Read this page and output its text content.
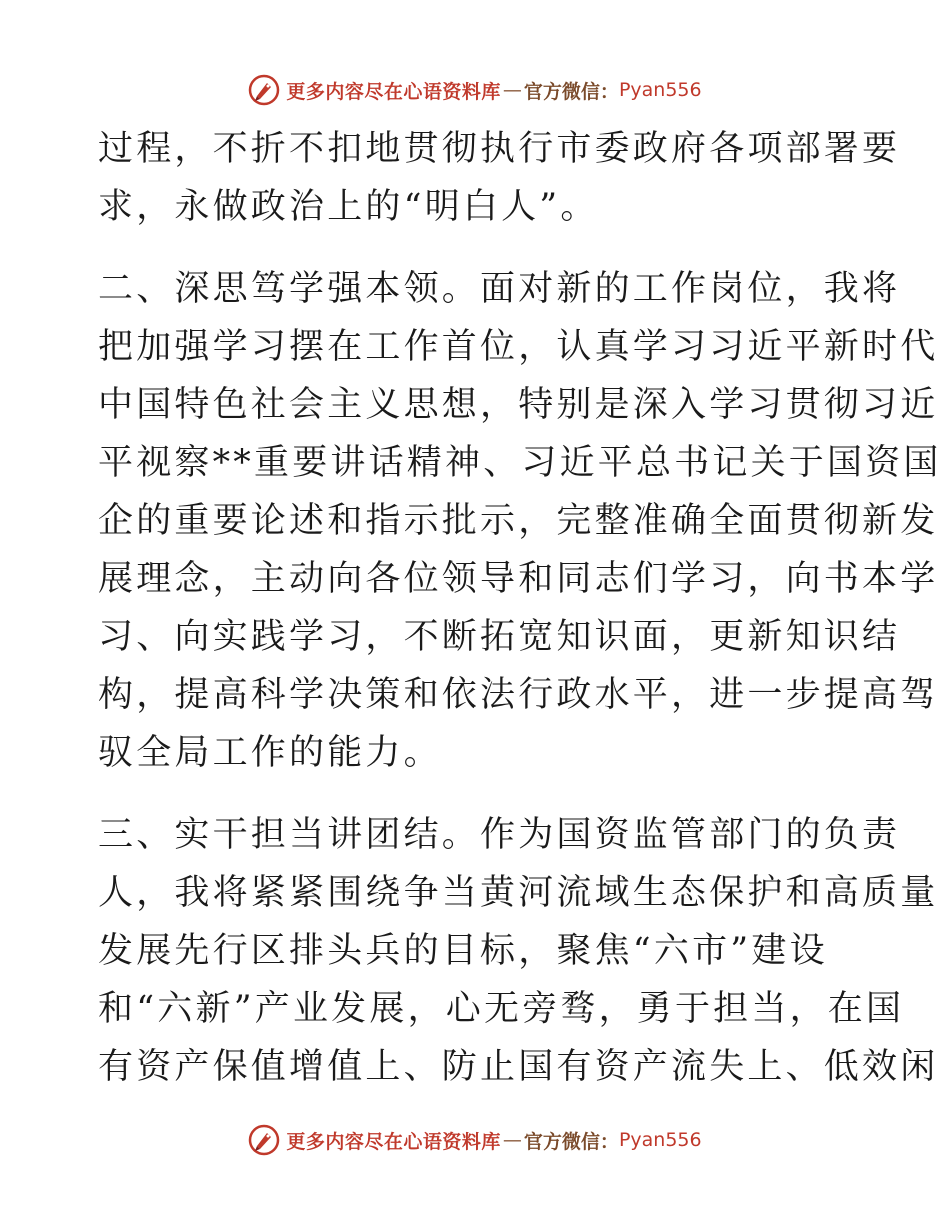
更多内容尽在心语资料库 — 官方微信： Pyan556
过程，不折不扣地贯彻执行市委政府各项部署要
求，永做政治上的“明白人”。
二、深思笃学强本领。面对新的工作岗位，我将
把加强学习摆在工作首位，认真学习习近平新时代
中国特色社会主义思想，特别是深入学习贯彻习近
平视察**重要讲话精神、习近平总书记关于国资国
企的重要论述和指示批示，完整准确全面贯彻新发
展理念，主动向各位领导和同志们学习，向书本学
习、向实践学习，不断拓宽知识面，更新知识结
构，提高科学决策和依法行政水平，进一步提高驾
驭全局工作的能力。
三、实干担当讲团结。作为国资监管部门的负责
人，我将紧紧围绕争当黄河流域生态保护和高质量
发展先行区排头兵的目标，聚焦“六市”建设
和“六新”产业发展，心无旁骛，勇于担当，在国
有资产保值增值上、防止国有资产流失上、低效闲
更多内容尽在心语资料库 — 官方微信： Pyan556
